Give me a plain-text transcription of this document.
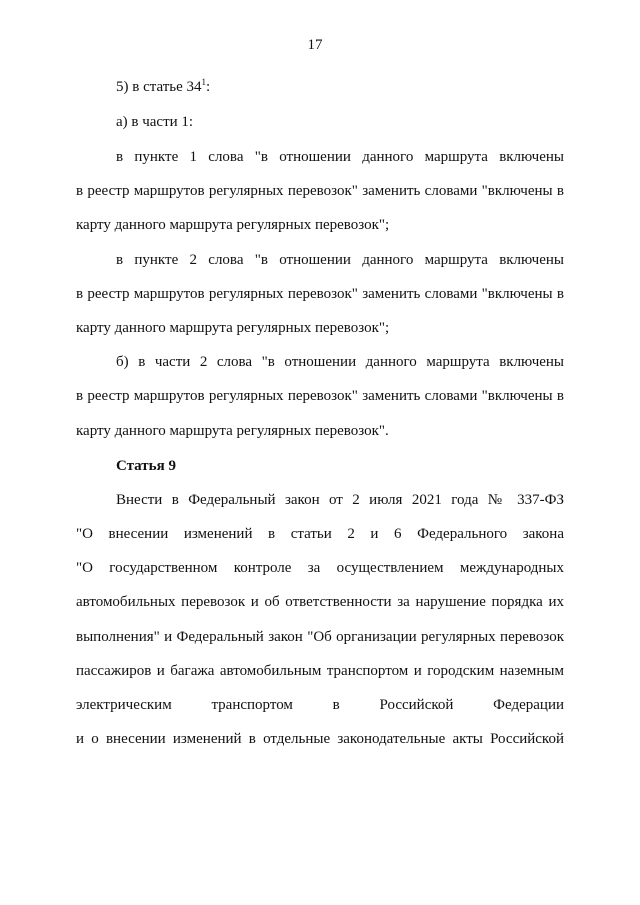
17
5) в статье $34^1$:
а) в части 1:
в пункте 1 слова "в отношении данного маршрута включены
в реестр маршрутов регулярных перевозок" заменить словами "включены в
карту данного маршрута регулярных перевозок";
в пункте 2 слова "в отношении данного маршрута включены
в реестр маршрутов регулярных перевозок" заменить словами "включены в
карту данного маршрута регулярных перевозок";
б) в части 2 слова "в отношении данного маршрута включены
в реестр маршрутов регулярных перевозок" заменить словами "включены в
карту данного маршрута регулярных перевозок".
Статья 9
Внести в Федеральный закон от 2 июля 2021 года № 337-ФЗ
"О внесении изменений в статьи 2 и 6 Федерального закона
"О государственном контроле за осуществлением международных
автомобильных перевозок и об ответственности за нарушение порядка их
выполнения" и Федеральный закон "Об организации регулярных перевозок
пассажиров и багажа автомобильным транспортом и городским наземным
электрическим транспортом в Российской Федерации
и о внесении изменений в отдельные законодательные акты Российской
